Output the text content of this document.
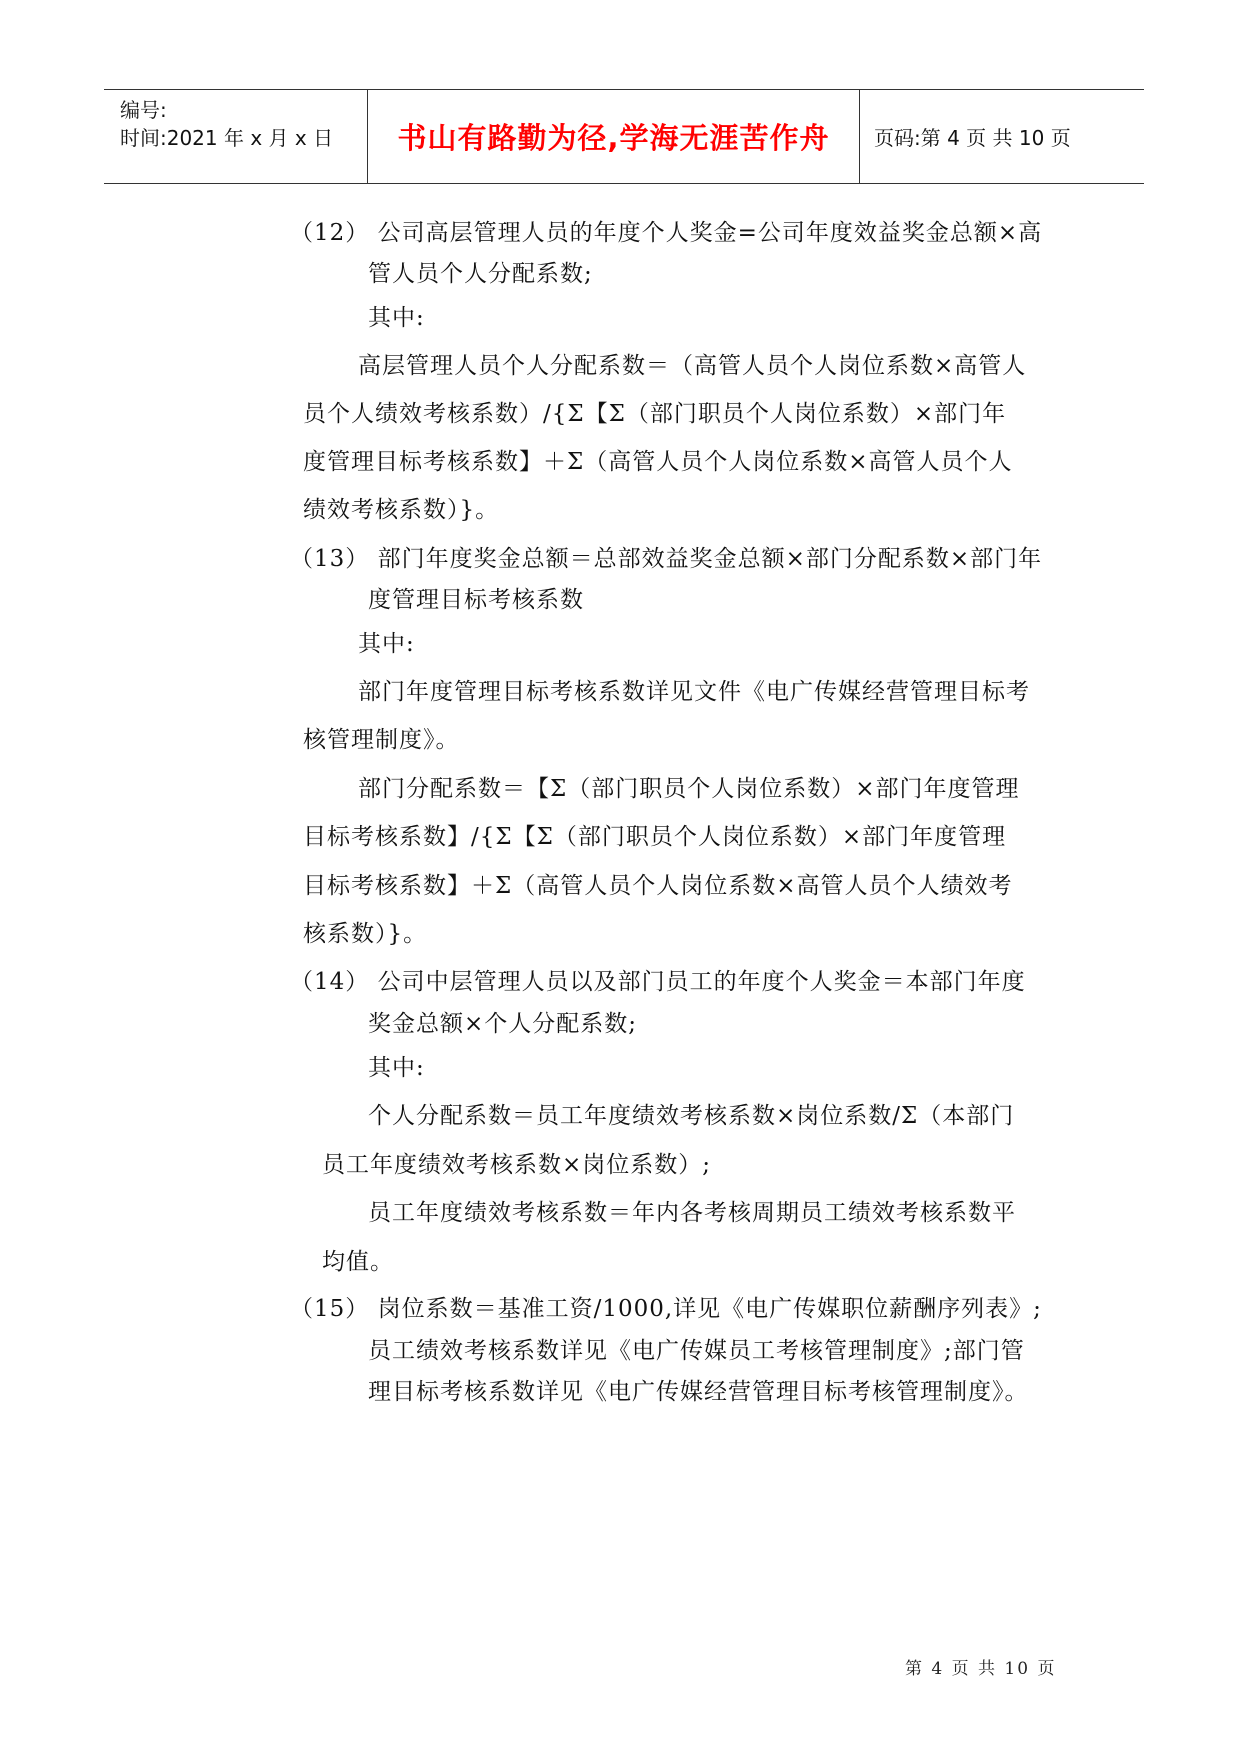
编号:
时间:2021 年 x 月 x 日	书山有路勤为径,学海无涯苦作舟 页码:第 4 页 共 10 页
（12） 公司高层管理人员的年度个人奖金=公司年度效益奖金总额×高
管人员个人分配系数;
其中:
高层管理人员个人分配系数＝（高管人员个人岗位系数×高管人
员个人绩效考核系数）/{Σ【Σ（部门职员个人岗位系数）×部门年
度管理目标考核系数】＋Σ（高管人员个人岗位系数×高管人员个人
绩效考核系数）}。
（13） 部门年度奖金总额＝总部效益奖金总额×部门分配系数×部门年
度管理目标考核系数
其中:
部门年度管理目标考核系数详见文件《电广传媒经营管理目标考
核管理制度》。
部门分配系数＝【Σ（部门职员个人岗位系数）×部门年度管理
目标考核系数】/{Σ【Σ（部门职员个人岗位系数）×部门年度管理
目标考核系数】＋Σ（高管人员个人岗位系数×高管人员个人绩效考
核系数）}。
（14） 公司中层管理人员以及部门员工的年度个人奖金＝本部门年度
奖金总额×个人分配系数;
其中:
个人分配系数＝员工年度绩效考核系数×岗位系数/Σ（本部门
员工年度绩效考核系数×岗位系数）;
员工年度绩效考核系数＝年内各考核周期员工绩效考核系数平
均值。
（15） 岗位系数＝基准工资/1000,详见《电广传媒职位薪酬序列表》;
员工绩效考核系数详见《电广传媒员工考核管理制度》;部门管
理目标考核系数详见《电广传媒经营管理目标考核管理制度》。
第 4 页 共 10 页
